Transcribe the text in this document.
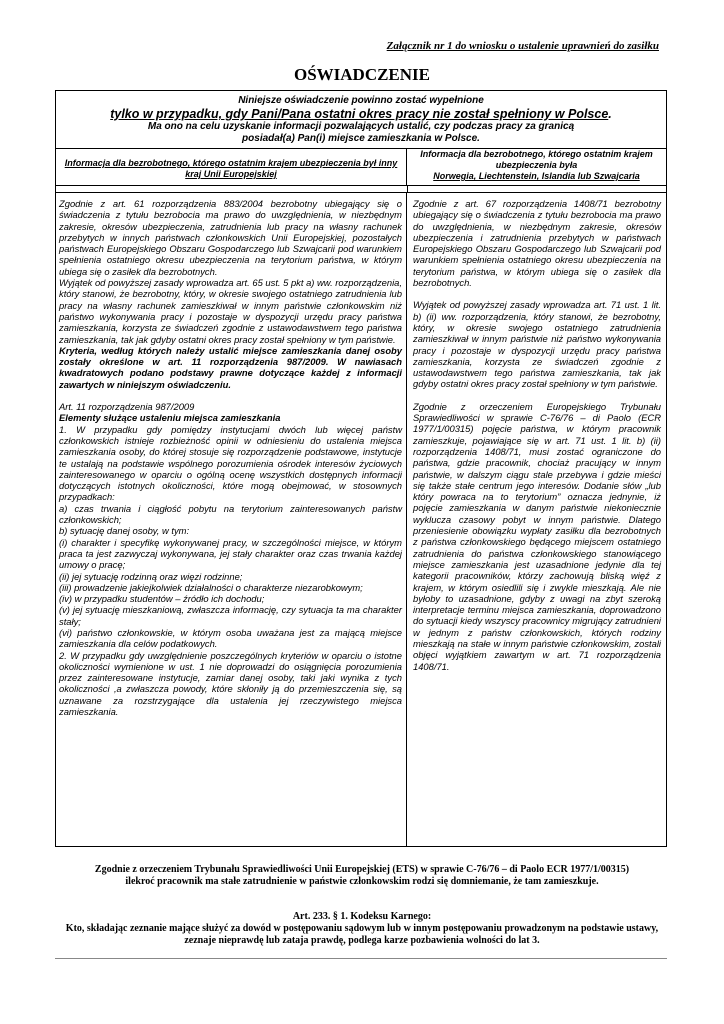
Załącznik nr 1 do wniosku o ustalenie uprawnień do zasiłku
OŚWIADCZENIE
Niniejsze oświadczenie powinno zostać wypełnione
tylko w przypadku, gdy Pani/Pana ostatni okres pracy nie został spełniony w Polsce.
Ma ono na celu uzyskanie informacji pozwalających ustalić, czy podczas pracy za granicą
posiadał(a) Pan(i) miejsce zamieszkania w Polsce.
Informacja dla bezrobotnego, którego ostatnim krajem ubezpieczenia był inny kraj Unii Europejskiej
Informacja dla bezrobotnego, którego ostatnim krajem ubezpieczenia była
Norwegia, Liechtenstein, Islandia lub Szwajcaria

Zgodnie z art. 61 rozporządzenia 883/2004 bezrobotny ubiegający się o świadczenia z tytułu bezrobocia ma prawo do uwzględnienia, w niezbędnym zakresie, okresów ubezpieczenia, zatrudnienia lub pracy na własny rachunek przebytych w innych państwach członkowskich Unii Europejskiej, pozostałych państwach Europejskiego Obszaru Gospodarczego lub Szwajcarii pod warunkiem spełnienia ostatniego okresu ubezpieczenia na terytorium państwa, w którym ubiega się o zasiłek dla bezrobotnych.

Wyjątek od powyższej zasady wprowadza art. 65 ust. 5 pkt a) ww. rozporządzenia, który stanowi, że bezrobotny, który, w okresie swojego ostatniego zatrudnienia lub pracy na własny rachunek zamieszkiwał w innym państwie członkowskim niż państwo wykonywania pracy i pozostaje w dyspozycji urzędu pracy państwa zamieszkania, korzysta ze świadczeń zgodnie z ustawodawstwem tego państwa zamieszkania, tak jak gdyby ostatni okres pracy został spełniony w tym państwie.

Kryteria, według których należy ustalić miejsce zamieszkania danej osoby zostały określone w art. 11 rozporządzenia 987/2009. W nawiasach kwadratowych podano podstawy prawne dotyczące każdej z informacji zawartych w niniejszym oświadczeniu.

Art. 11 rozporządzenia 987/2009

Elementy służące ustaleniu miejsca zamieszkania

1. W przypadku gdy pomiędzy instytucjami dwóch lub więcej państw członkowskich istnieje rozbieżność opinii w odniesieniu do ustalenia miejsca zamieszkania osoby, do której stosuje się rozporządzenie podstawowe, instytucje te ustalają na podstawie wspólnego porozumienia ośrodek interesów życiowych zainteresowanego w oparciu o ogólną ocenę wszystkich dostępnych informacji dotyczących istotnych okoliczności, które mogą obejmować, w stosownych przypadkach:

a) czas trwania i ciągłość pobytu na terytorium zainteresowanych państw członkowskich;

b) sytuację danej osoby, w tym:

(i) charakter i specyfikę wykonywanej pracy, w szczególności miejsce, w którym praca ta jest zazwyczaj wykonywana, jej stały charakter oraz czas trwania każdej umowy o pracę;

(ii) jej sytuację rodzinną oraz więzi rodzinne;

(iii) prowadzenie jakiejkolwiek działalności o charakterze niezarobkowym;

(iv) w przypadku studentów – źródło ich dochodu;

(v) jej sytuację mieszkaniową, zwłaszcza informację, czy sytuacja ta ma charakter stały;

(vi) państwo członkowskie, w którym osoba uważana jest za mającą miejsce zamieszkania dla celów podatkowych.

2. W przypadku gdy uwzględnienie poszczególnych kryteriów w oparciu o istotne okoliczności wymienione w ust. 1 nie doprowadzi do osiągnięcia porozumienia przez zainteresowane instytucje, zamiar danej osoby, taki jaki wynika z tych okoliczności ,a zwłaszcza powody, które skłoniły ją do przemieszczenia się, są uznawane za rozstrzygające dla ustalenia jej rzeczywistego miejsca zamieszkania.

Zgodnie z art. 67 rozporządzenia 1408/71 bezrobotny ubiegający się o świadczenia z tytułu bezrobocia ma prawo do uwzględnienia, w niezbędnym zakresie, okresów ubezpieczenia i zatrudnienia przebytych w państwach Europejskiego Obszaru Gospodarczego lub Szwajcarii pod warunkiem spełnienia ostatniego okresu ubezpieczenia na terytorium państwa, w którym ubiega się o zasiłek dla bezrobotnych.

Wyjątek od powyższej zasady wprowadza art. 71 ust. 1 lit. b) (ii) ww. rozporządzenia, który stanowi, że bezrobotny, który, w okresie swojego ostatniego zatrudnienia zamieszkiwał w innym państwie niż państwo wykonywania pracy i pozostaje w dyspozycji urzędu pracy państwa zamieszkania, korzysta ze świadczeń zgodnie z ustawodawstwem tego państwa zamieszkania, tak jak gdyby ostatni okres pracy został spełniony w tym państwie.

Zgodnie z orzeczeniem Europejskiego Trybunału Sprawiedliwości w sprawie C-76/76 – di Paolo (ECR 1977/1/00315) pojęcie państwa, w którym pracownik zamieszkuje, pojawiające się w art. 71 ust. 1 lit. b) (ii) rozporządzenia 1408/71, musi zostać ograniczone do państwa, gdzie pracownik, chociaż pracujący w innym państwie, w dalszym ciągu stale przebywa i gdzie mieści się także stałe centrum jego interesów. Dodanie słów „lub który powraca na to terytorium” oznacza jednynie, iż pojęcie zamieszkania w danym państwie niekoniecznie wyklucza czasowy pobyt w innym państwie. Dlatego przeniesienie obowiązku wypłaty zasiłku dla bezrobotnych z państwa członkowskiego będącego miejscem ostatniego zatrudnienia do państwa członkowskiego stanowiącego miejsce zamieszkania jest uzasadnione jedynie dla tej kategorii pracowników, którzy zachowują bliską więź z krajem, w którym osiedlili się i zwykle mieszkają. Ale nie byłoby to uzasadnione, gdyby z uwagi na zbyt szeroką interpretacje terminu miejsca zamieszkania, doprowadzono do sytuacji kiedy wszyscy pracownicy migrujący zatrudnieni w jednym z państw członkowskich, których rodziny mieszkają na stałe w innym państwie członkowskim, zostali objęci wyjątkiem zawartym w art. 71 rozporządzenia 1408/71.

Zgodnie z orzeczeniem Trybunału Sprawiedliwości Unii Europejskiej (ETS) w sprawie C-76/76 – di Paolo ECR 1977/1/00315)
ilekroć pracownik ma stałe zatrudnienie w państwie członkowskim rodzi się domniemanie, że tam zamieszkuje.
Art. 233. § 1. Kodeksu Karnego:
Kto, składając zeznanie mające służyć za dowód w postępowaniu sądowym lub w innym postępowaniu prowadzonym na podstawie ustawy, zeznaje nieprawdę lub zataja prawdę, podlega karze pozbawienia wolności do lat 3.
